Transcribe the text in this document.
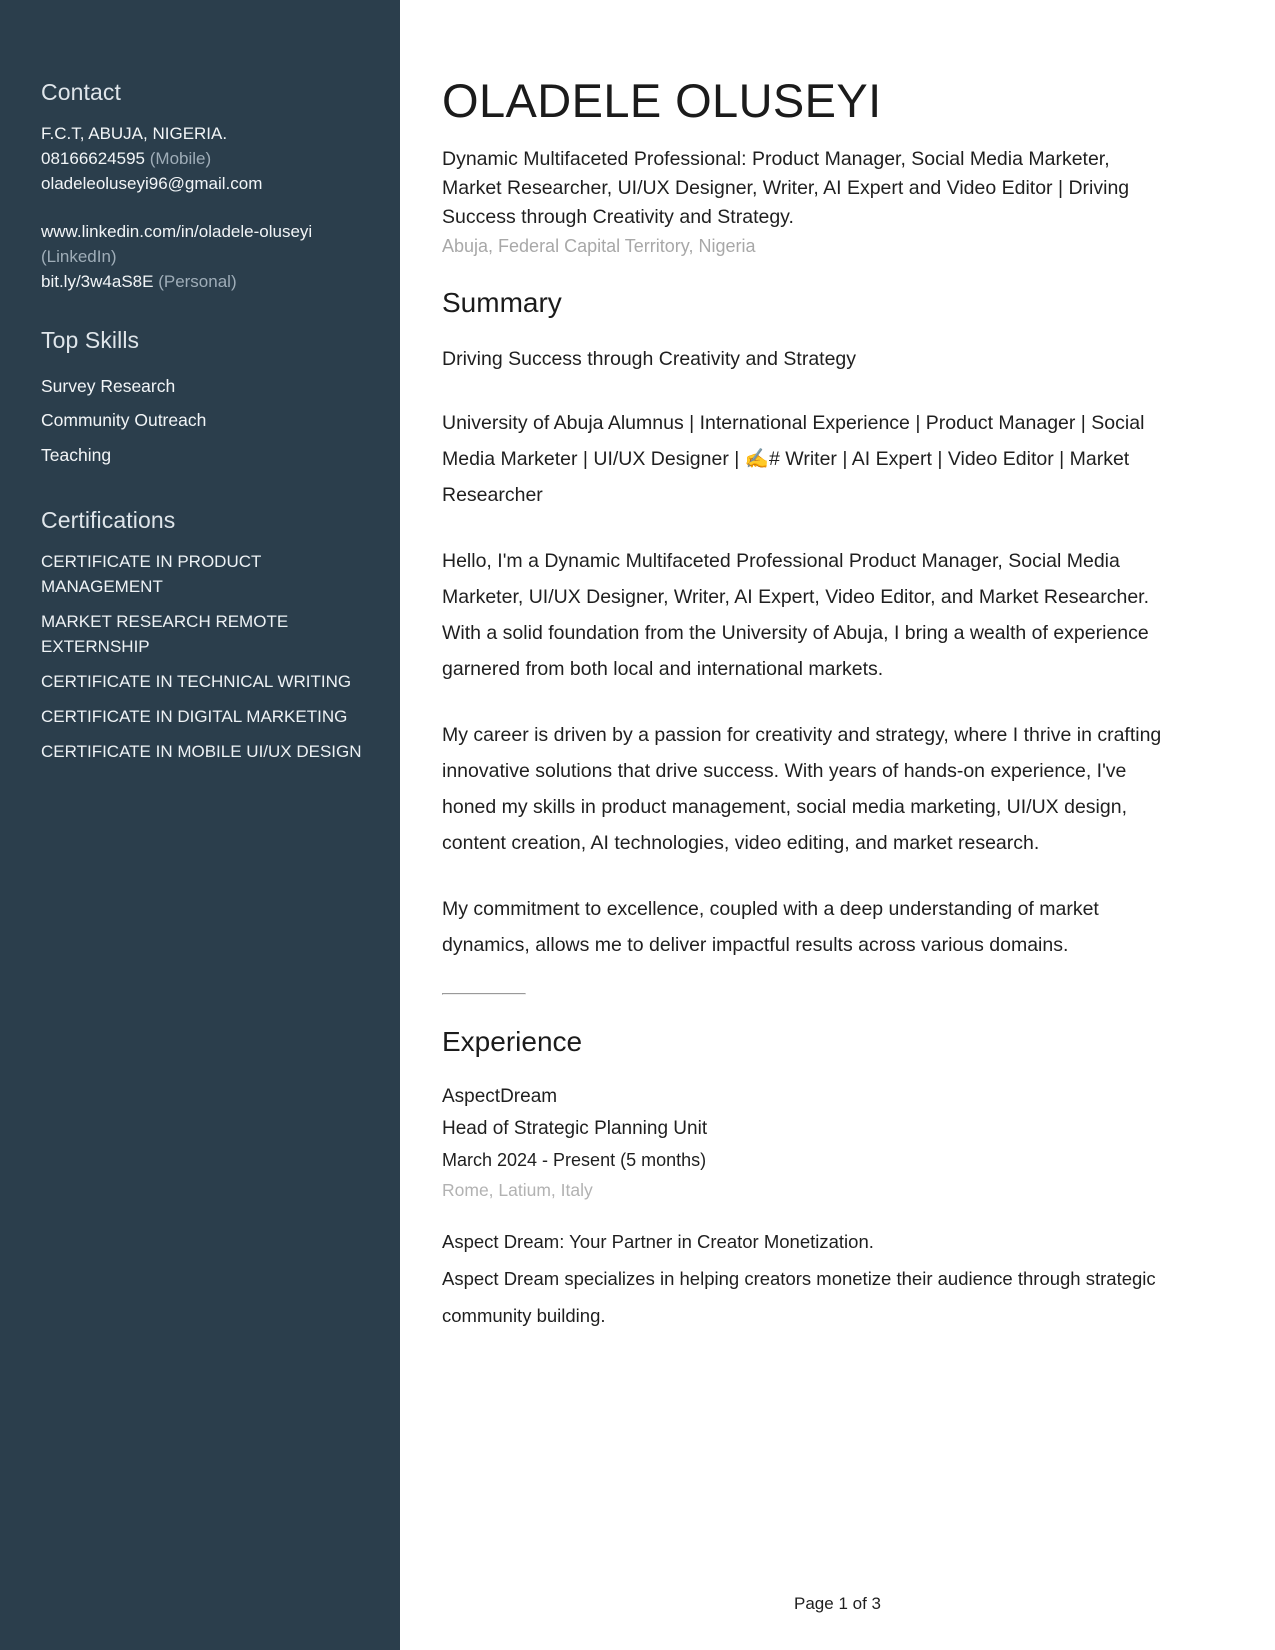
Contact

F.C.T, ABUJA, NIGERIA.

08166624595 (Mobile)

oladeleoluseyi96@gmail.com

www.linkedin.com/in/oladele-oluseyi (LinkedIn)

bit.ly/3w4aS8E (Personal)

Top Skills

Survey Research

Community Outreach

Teaching

Certifications

CERTIFICATE IN PRODUCT MANAGEMENT

MARKET RESEARCH REMOTE EXTERNSHIP

CERTIFICATE IN TECHNICAL WRITING

CERTIFICATE IN DIGITAL MARKETING

CERTIFICATE IN MOBILE UI/UX DESIGN

OLADELE OLUSEYI

Dynamic Multifaceted Professional: Product Manager, Social Media Marketer, Market Researcher, UI/UX Designer, Writer, AI Expert and Video Editor | Driving Success through Creativity and Strategy.

Abuja, Federal Capital Territory, Nigeria

Summary

Driving Success through Creativity and Strategy

University of Abuja Alumnus | International Experience | Product Manager | Social Media Marketer | UI/UX Designer | ✍# Writer | AI Expert | Video Editor | Market Researcher

Hello, I'm a Dynamic Multifaceted Professional Product Manager, Social Media Marketer, UI/UX Designer, Writer, AI Expert, Video Editor, and Market Researcher. With a solid foundation from the University of Abuja, I bring a wealth of experience garnered from both local and international markets.

My career is driven by a passion for creativity and strategy, where I thrive in crafting innovative solutions that drive success. With years of hands-on experience, I've honed my skills in product management, social media marketing, UI/UX design, content creation, AI technologies, video editing, and market research.

My commitment to excellence, coupled with a deep understanding of market dynamics, allows me to deliver impactful results across various domains.

Experience

AspectDream

Head of Strategic Planning Unit

March 2024 - Present (5 months)

Rome, Latium, Italy

Aspect Dream: Your Partner in Creator Monetization.

Aspect Dream specializes in helping creators monetize their audience through strategic community building.

Page 1 of 3
